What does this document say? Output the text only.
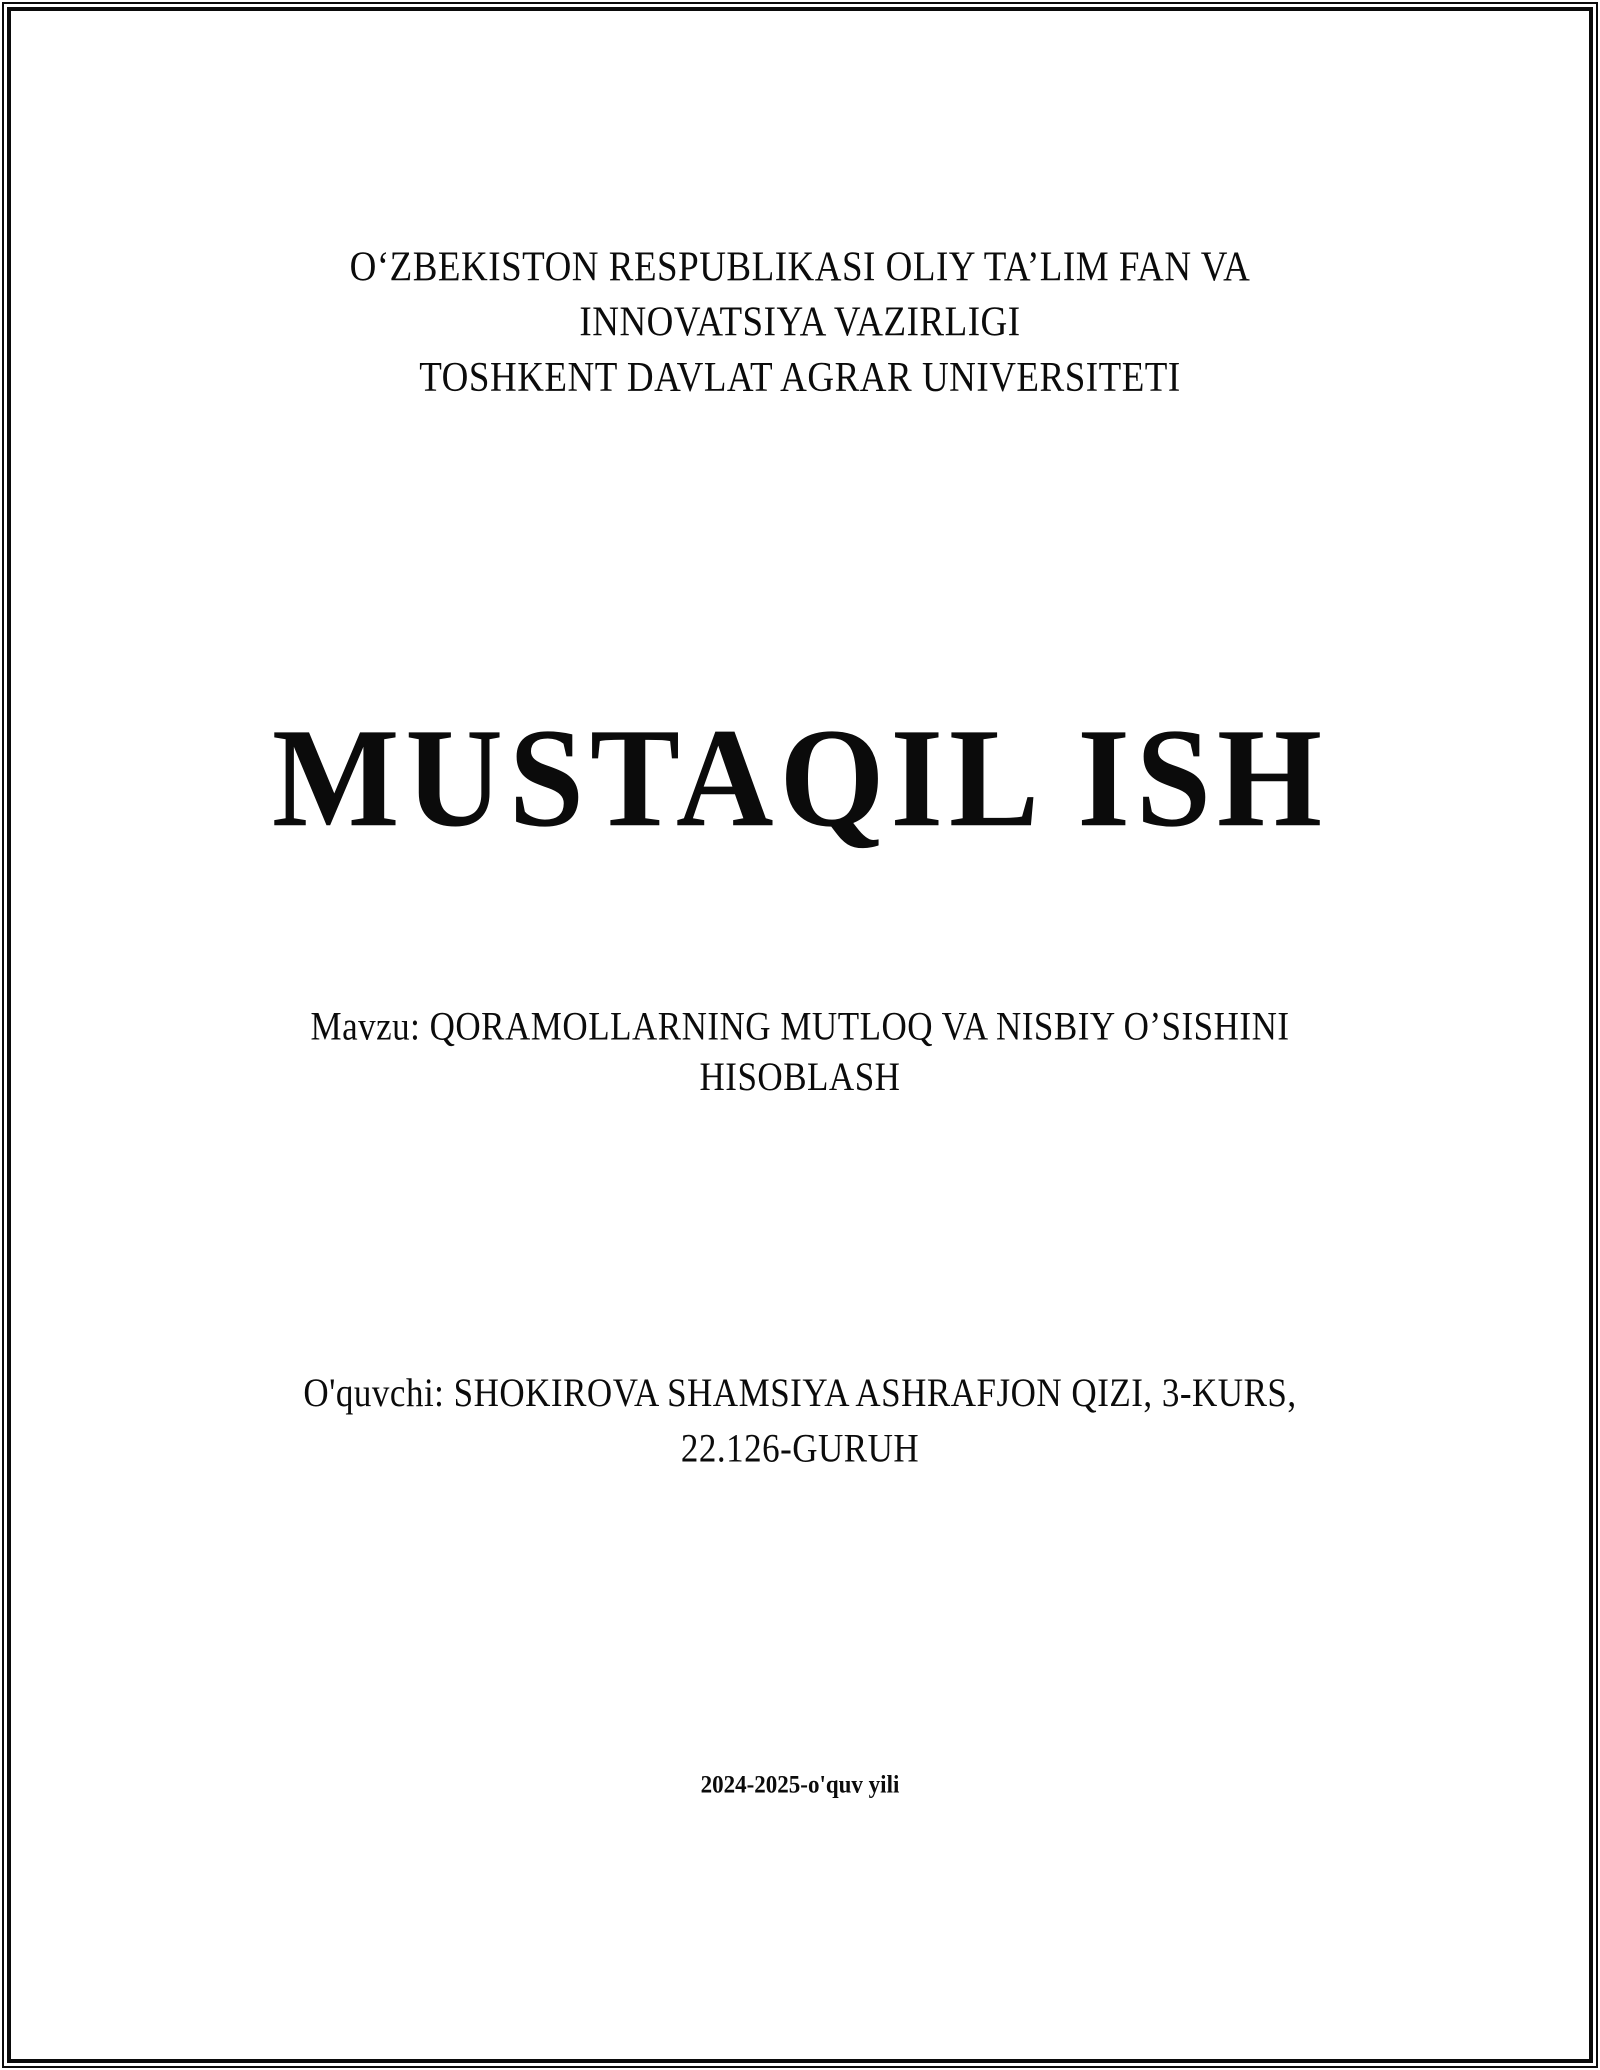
O‘ZBEKISTON RESPUBLIKASI OLIY TA’LIM FAN VA
INNOVATSIYA VAZIRLIGI
TOSHKENT DAVLAT AGRAR UNIVERSITETI
MUSTAQIL ISH
Mavzu: QORAMOLLARNING MUTLOQ VA NISBIY O’SISHINI
HISOBLASH
O'quvchi: SHOKIROVA SHAMSIYA ASHRAFJON QIZI, 3-KURS,
22.126-GURUH
2024-2025-o'quv yili
